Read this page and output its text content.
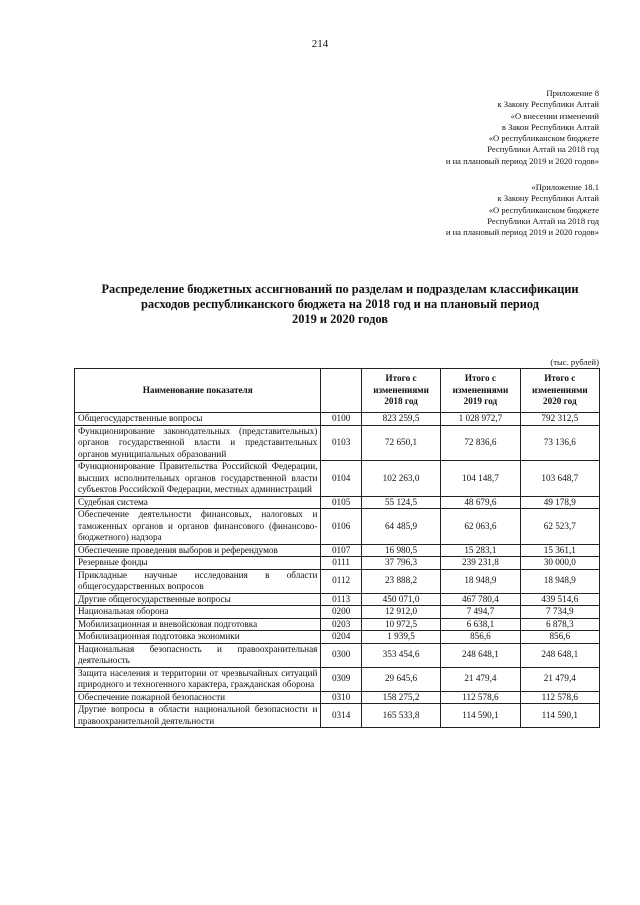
214
Приложение 8
к Закону Республики Алтай
«О внесении изменений
в Закон Республики Алтай
«О республиканском бюджете
Республики Алтай на 2018 год
и на плановый период 2019 и 2020 годов»
«Приложение 18.1
к Закону Республики Алтай
«О республиканском бюджете
Республики Алтай на 2018 год
и на плановый период 2019 и 2020 годов»
Распределение бюджетных ассигнований по разделам и подразделам классификации
расходов республиканского бюджета на 2018 год и на плановый период
2019 и 2020 годов
(тыс. рублей)
Наименование показателя		Итого с изменениями 2018 год	Итого с изменениями 2019 год	Итого с изменениями 2020 год
Общегосударственные вопросы	0100	823 259,5	1 028 972,7	792 312,5
Функционирование законодательных (представительных) органов государственной власти и представительных органов муниципальных образований	0103	72 650,1	72 836,6	73 136,6
Функционирование Правительства Российской Федерации, высших исполнительных органов государственной власти субъектов Российской Федерации, местных администраций	0104	102 263,0	104 148,7	103 648,7
Судебная система	0105	55 124,5	48 679,6	49 178,9
Обеспечение деятельности финансовых, налоговых и таможенных органов и органов финансового (финансово-бюджетного) надзора	0106	64 485,9	62 063,6	62 523,7
Обеспечение проведения выборов и референдумов	0107	16 980,5	15 283,1	15 361,1
Резервные фонды	0111	37 796,3	239 231,8	30 000,0
Прикладные научные исследования в области общегосударственных вопросов	0112	23 888,2	18 948,9	18 948,9
Другие общегосударственные вопросы	0113	450 071,0	467 780,4	439 514,6
Национальная оборона	0200	12 912,0	7 494,7	7 734,9
Мобилизационная и вневойсковая подготовка	0203	10 972,5	6 638,1	6 878,3
Мобилизационная подготовка экономики	0204	1 939,5	856,6	856,6
Национальная безопасность и правоохранительная деятельность	0300	353 454,6	248 648,1	248 648,1
Защита населения и территории от чрезвычайных ситуаций природного и техногенного характера, гражданская оборона	0309	29 645,6	21 479,4	21 479,4
Обеспечение пожарной безопасности	0310	158 275,2	112 578,6	112 578,6
Другие вопросы в области национальной безопасности и правоохранительной деятельности	0314	165 533,8	114 590,1	114 590,1
